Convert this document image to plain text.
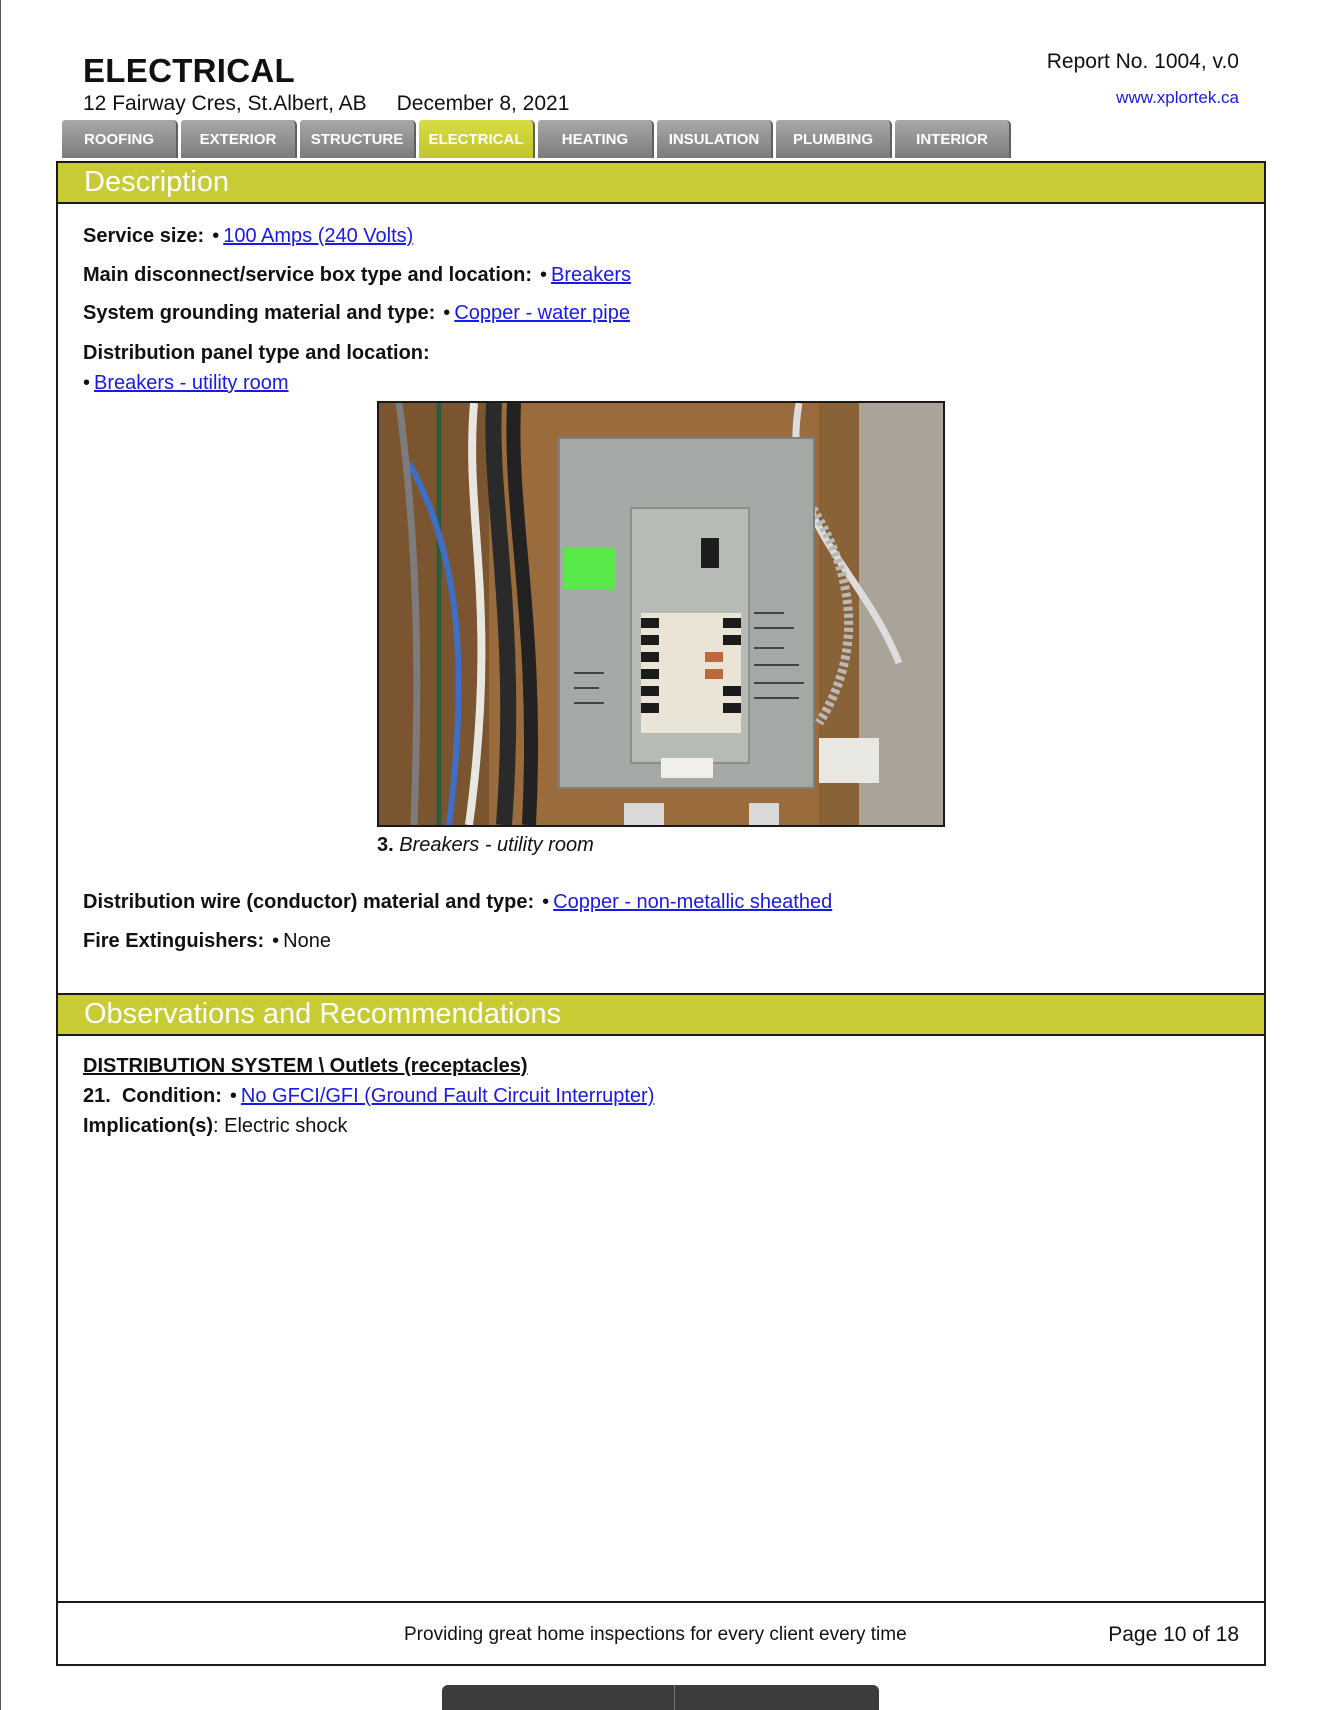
ELECTRICAL
12 Fairway Cres, St.Albert, AB December 8, 2021
Report No. 1004, v.0
www.xplortek.ca
ROOFING	EXTERIOR	STRUCTURE	ELECTRICAL	HEATING	INSULATION	PLUMBING	INTERIOR
Description
Service size: • 100 Amps (240 Volts)
Main disconnect/service box type and location: • Breakers
System grounding material and type: • Copper - water pipe
Distribution panel type and location:
• Breakers - utility room
3. Breakers - utility room
Distribution wire (conductor) material and type: • Copper - non-metallic sheathed
Fire Extinguishers: • None
Observations and Recommendations
DISTRIBUTION SYSTEM \ Outlets (receptacles)
21. Condition: • No GFCI/GFI (Ground Fault Circuit Interrupter)
Implication(s): Electric shock
Providing great home inspections for every client every time	Page 10 of 18
